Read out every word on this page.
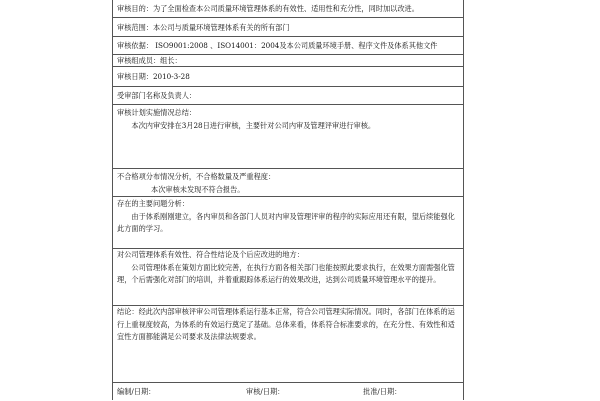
审核目的：为了全面检查本公司质量环境管理体系的有效性、适用性和充分性，同时加以改进。
审核范围：本公司与质量环境管理体系有关的所有部门
审核依据： ISO9001:2008 、ISO14001：2004及本公司质量环境手册、程序文件及体系其他文件
审核组成员：组长：
审核日期：2010-3-28
受审部门名称及负责人：
审核计划实施情况总结：

本次内审安排在3月28日进行审核，主要针对公司内审及管理评审进行审核。

不合格项分布情况分析，不合格数量及严重程度：
本次审核未发现不符合报告。
存在的主要问题分析：

由于体系刚刚建立，各内审员和各部门人员对内审及管理评审的程序的实际应用还有限，望后续能强化此方面的学习。

对公司管理体系有效性、符合性结论及个后应改进的地方：

公司管理体系在策划方面比较完善，在执行方面各相关部门也能按照此要求执行，在效果方面需强化管理，个后需强化对部门的培训，并着重跟踪体系运行的效果改进，达到公司质量环境管理水平的提升。

结论：经此次内部审核评审公司管理体系运行基本正常，符合公司管理实际情况。同时，各部门在体系的运行上重视度较高，为体系的有效运行奠定了基础。总体来看，体系符合标准要求的，在充分性、有效性和适宜性方面都能满足公司要求及法律法规要求。
编制/日期：	审核/日期：	批准/日期：
